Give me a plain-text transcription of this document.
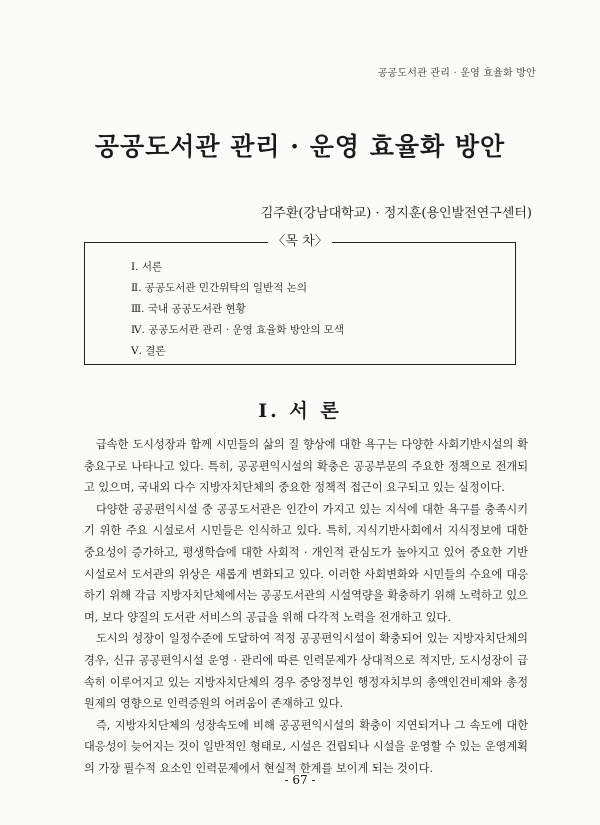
공공도서관 관리 · 운영 효율화 방안
공공도서관 관리 · 운영 효율화 방안
김주환(강남대학교) · 정지훈(용인발전연구센터)
〈목 차〉
Ⅰ. 서론
Ⅱ. 공공도서관 민간위탁의 일반적 논의
Ⅲ. 국내 공공도서관 현황
Ⅳ. 공공도서관 관리 · 운영 효율화 방안의 모색
Ⅴ. 결론
Ⅰ. 서 론

급속한 도시성장과 함께 시민들의 삶의 질 향상에 대한 욕구는 다양한 사회기반시설의 확충요구로 나타나고 있다. 특히, 공공편익시설의 확충은 공공부문의 주요한 정책으로 전개되고 있으며, 국내외 다수 지방자치단체의 중요한 정책적 접근이 요구되고 있는 실정이다.

다양한 공공편익시설 중 공공도서관은 인간이 가지고 있는 지식에 대한 욕구를 충족시키기 위한 주요 시설로서 시민들은 인식하고 있다. 특히, 지식기반사회에서 지식정보에 대한 중요성이 증가하고, 평생학습에 대한 사회적 · 개인적 관심도가 높아지고 있어 중요한 기반시설로서 도서관의 위상은 새롭게 변화되고 있다. 이러한 사회변화와 시민들의 수요에 대응하기 위해 각급 지방자치단체에서는 공공도서관의 시설역량을 확충하기 위해 노력하고 있으며, 보다 양질의 도서관 서비스의 공급을 위해 다각적 노력을 전개하고 있다.

도시의 성장이 일정수준에 도달하여 적정 공공편익시설이 확충되어 있는 지방자치단체의 경우, 신규 공공편익시설 운영 · 관리에 따른 인력문제가 상대적으로 적지만, 도시성장이 급속히 이루어지고 있는 지방자치단체의 경우 중앙정부인 행정자치부의 총액인건비제와 총정원제의 영향으로 인력증원의 어려움이 존재하고 있다.

즉, 지방자치단체의 성장속도에 비해 공공편익시설의 확충이 지연되거나 그 속도에 대한 대응성이 늦어지는 것이 일반적인 형태로, 시설은 건립되나 시설을 운영할 수 있는 운영계획의 가장 필수적 요소인 인력문제에서 현실적 한계를 보이게 되는 것이다.

- 67 -
